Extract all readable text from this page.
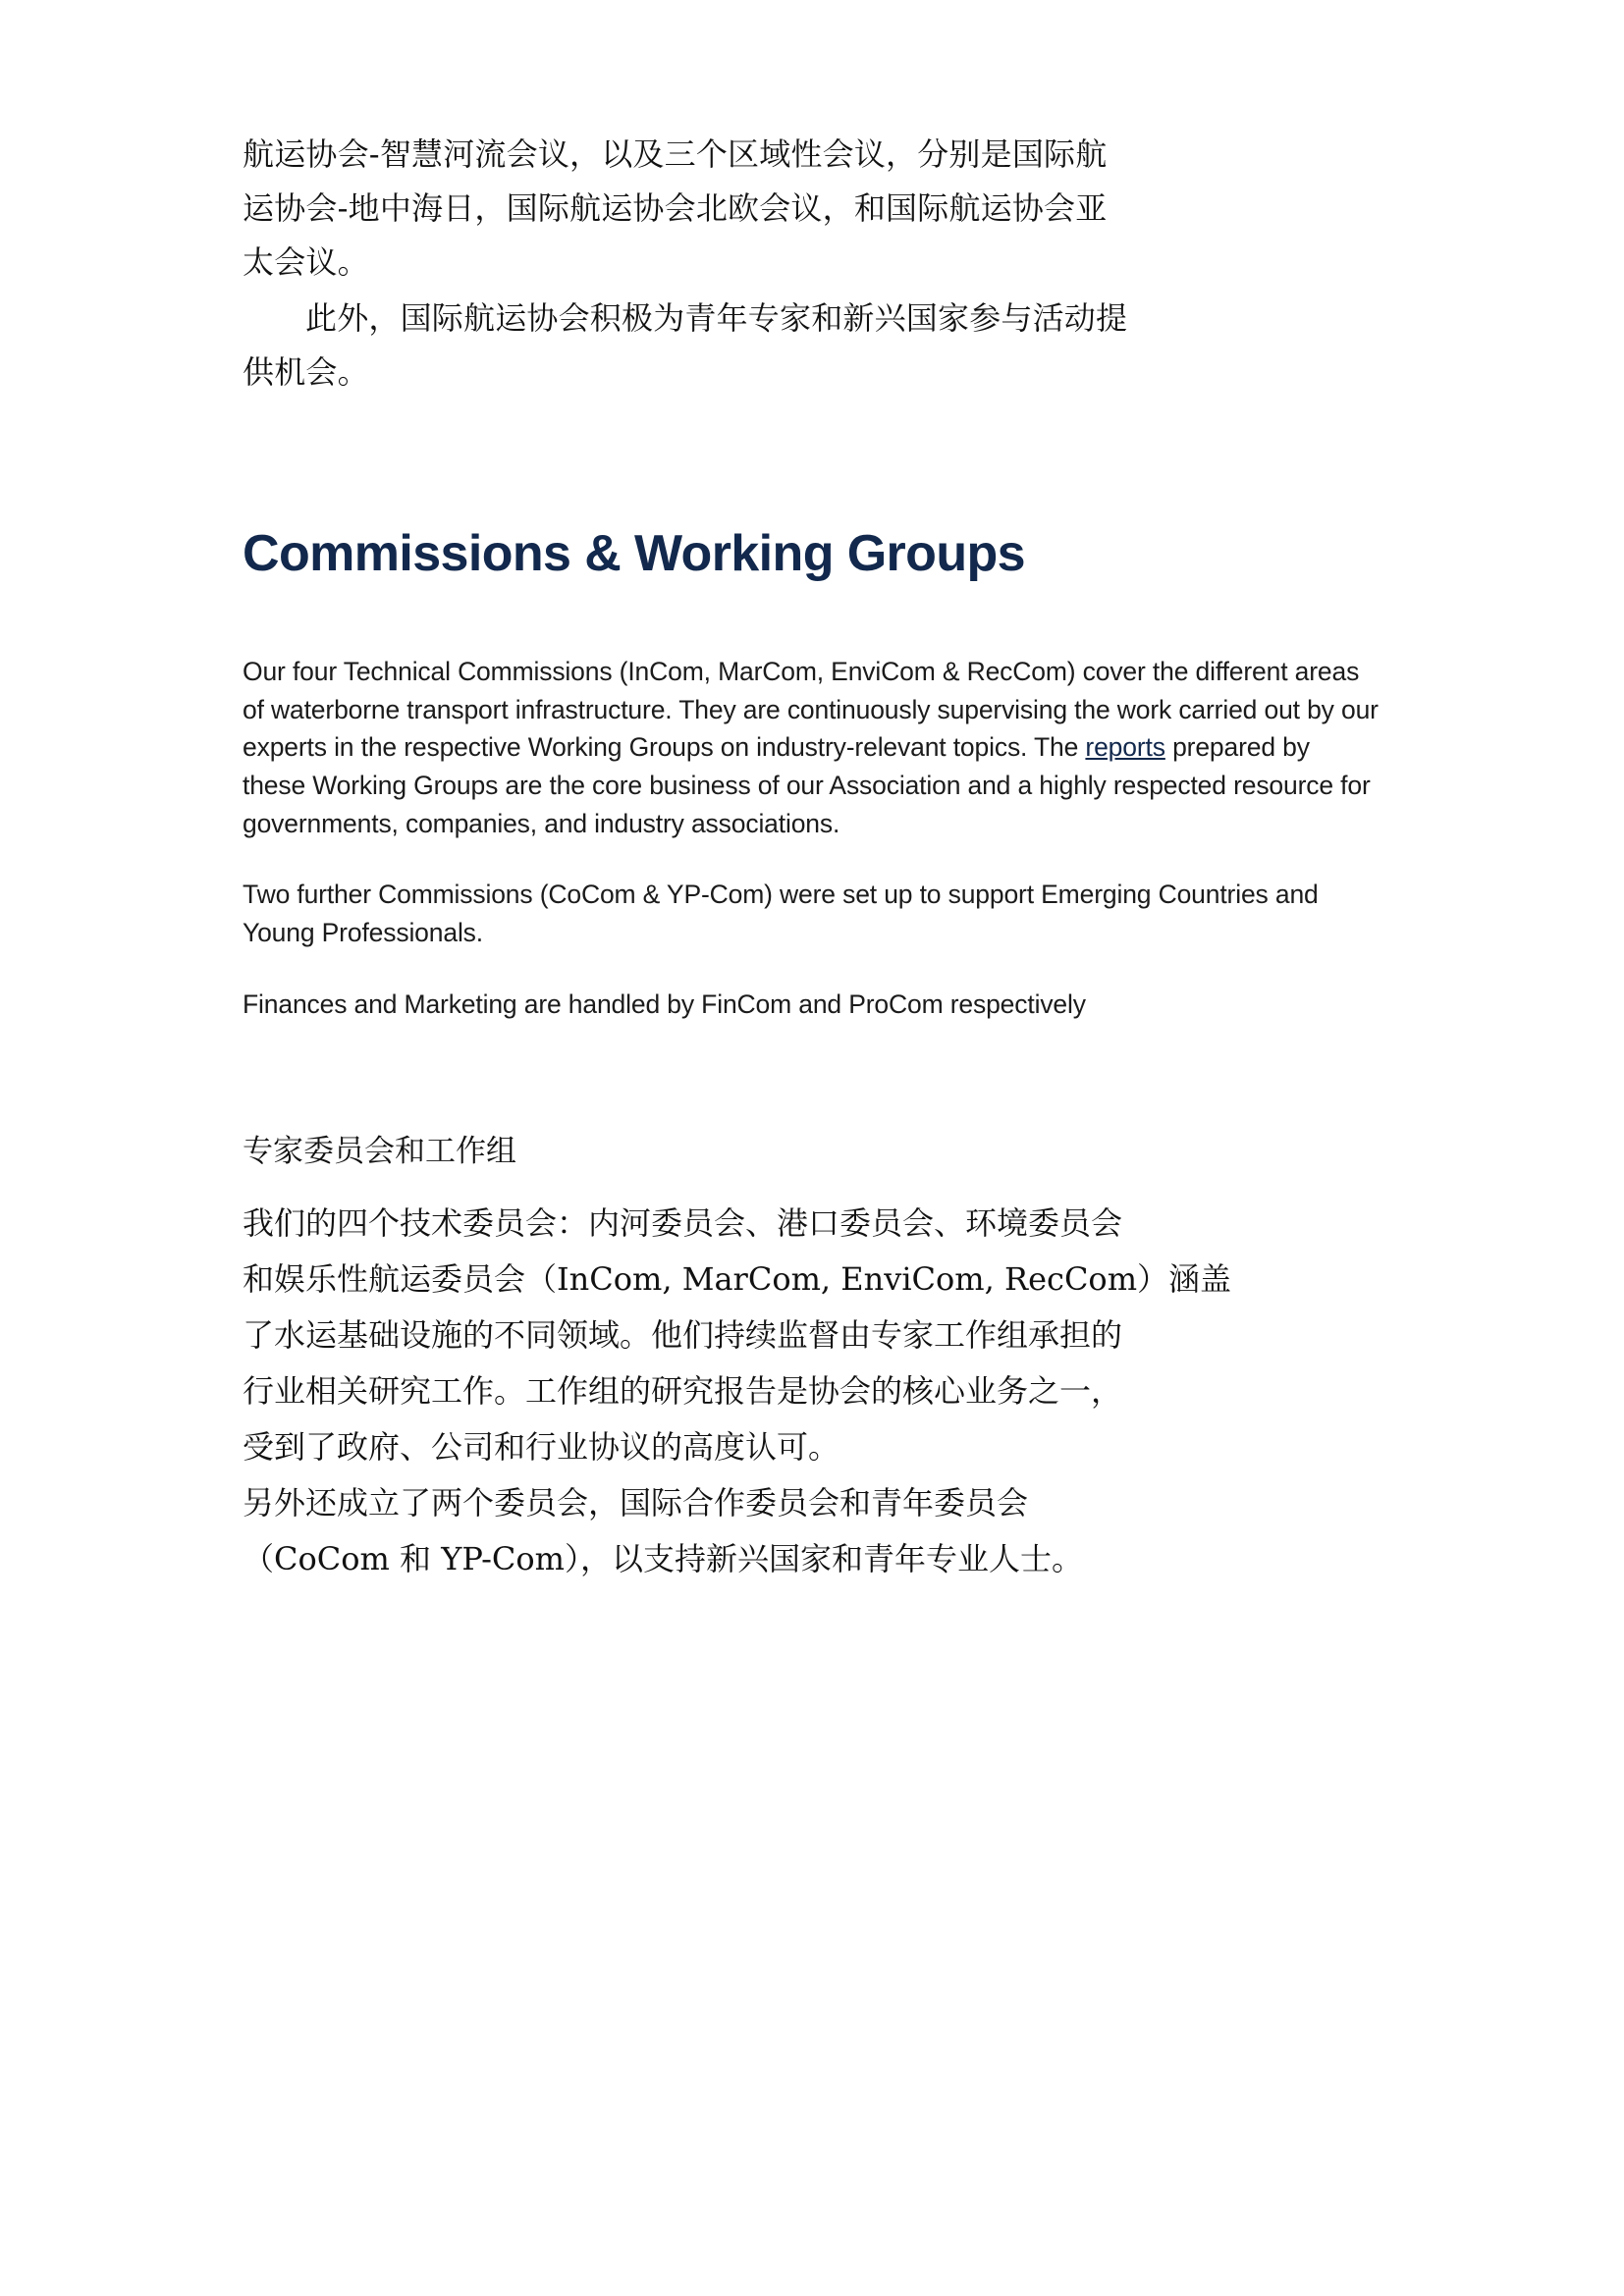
航运协会-智慧河流会议，以及三个区域性会议，分别是国际航
运协会-地中海日，国际航运协会北欧会议，和国际航运协会亚
太会议。

此外，国际航运协会积极为青年专家和新兴国家参与活动提
供机会。

Commissions & Working Groups

Our four Technical Commissions (InCom, MarCom, EnviCom & RecCom) cover the different areas of waterborne transport infrastructure. They are continuously supervising the work carried out by our experts in the respective Working Groups on industry-relevant topics. The reports prepared by these Working Groups are the core business of our Association and a highly respected resource for governments, companies, and industry associations.

Two further Commissions (CoCom & YP-Com) were set up to support Emerging Countries and Young Professionals.

Finances and Marketing are handled by FinCom and ProCom respectively

专家委员会和工作组

我们的四个技术委员会：内河委员会、港口委员会、环境委员会
和娱乐性航运委员会（InCom, MarCom, EnviCom, RecCom）涵盖
了水运基础设施的不同领域。他们持续监督由专家工作组承担的
行业相关研究工作。工作组的研究报告是协会的核心业务之一，
受到了政府、公司和行业协议的高度认可。
另外还成立了两个委员会，国际合作委员会和青年委员会
（CoCom 和 YP-Com），以支持新兴国家和青年专业人士。
